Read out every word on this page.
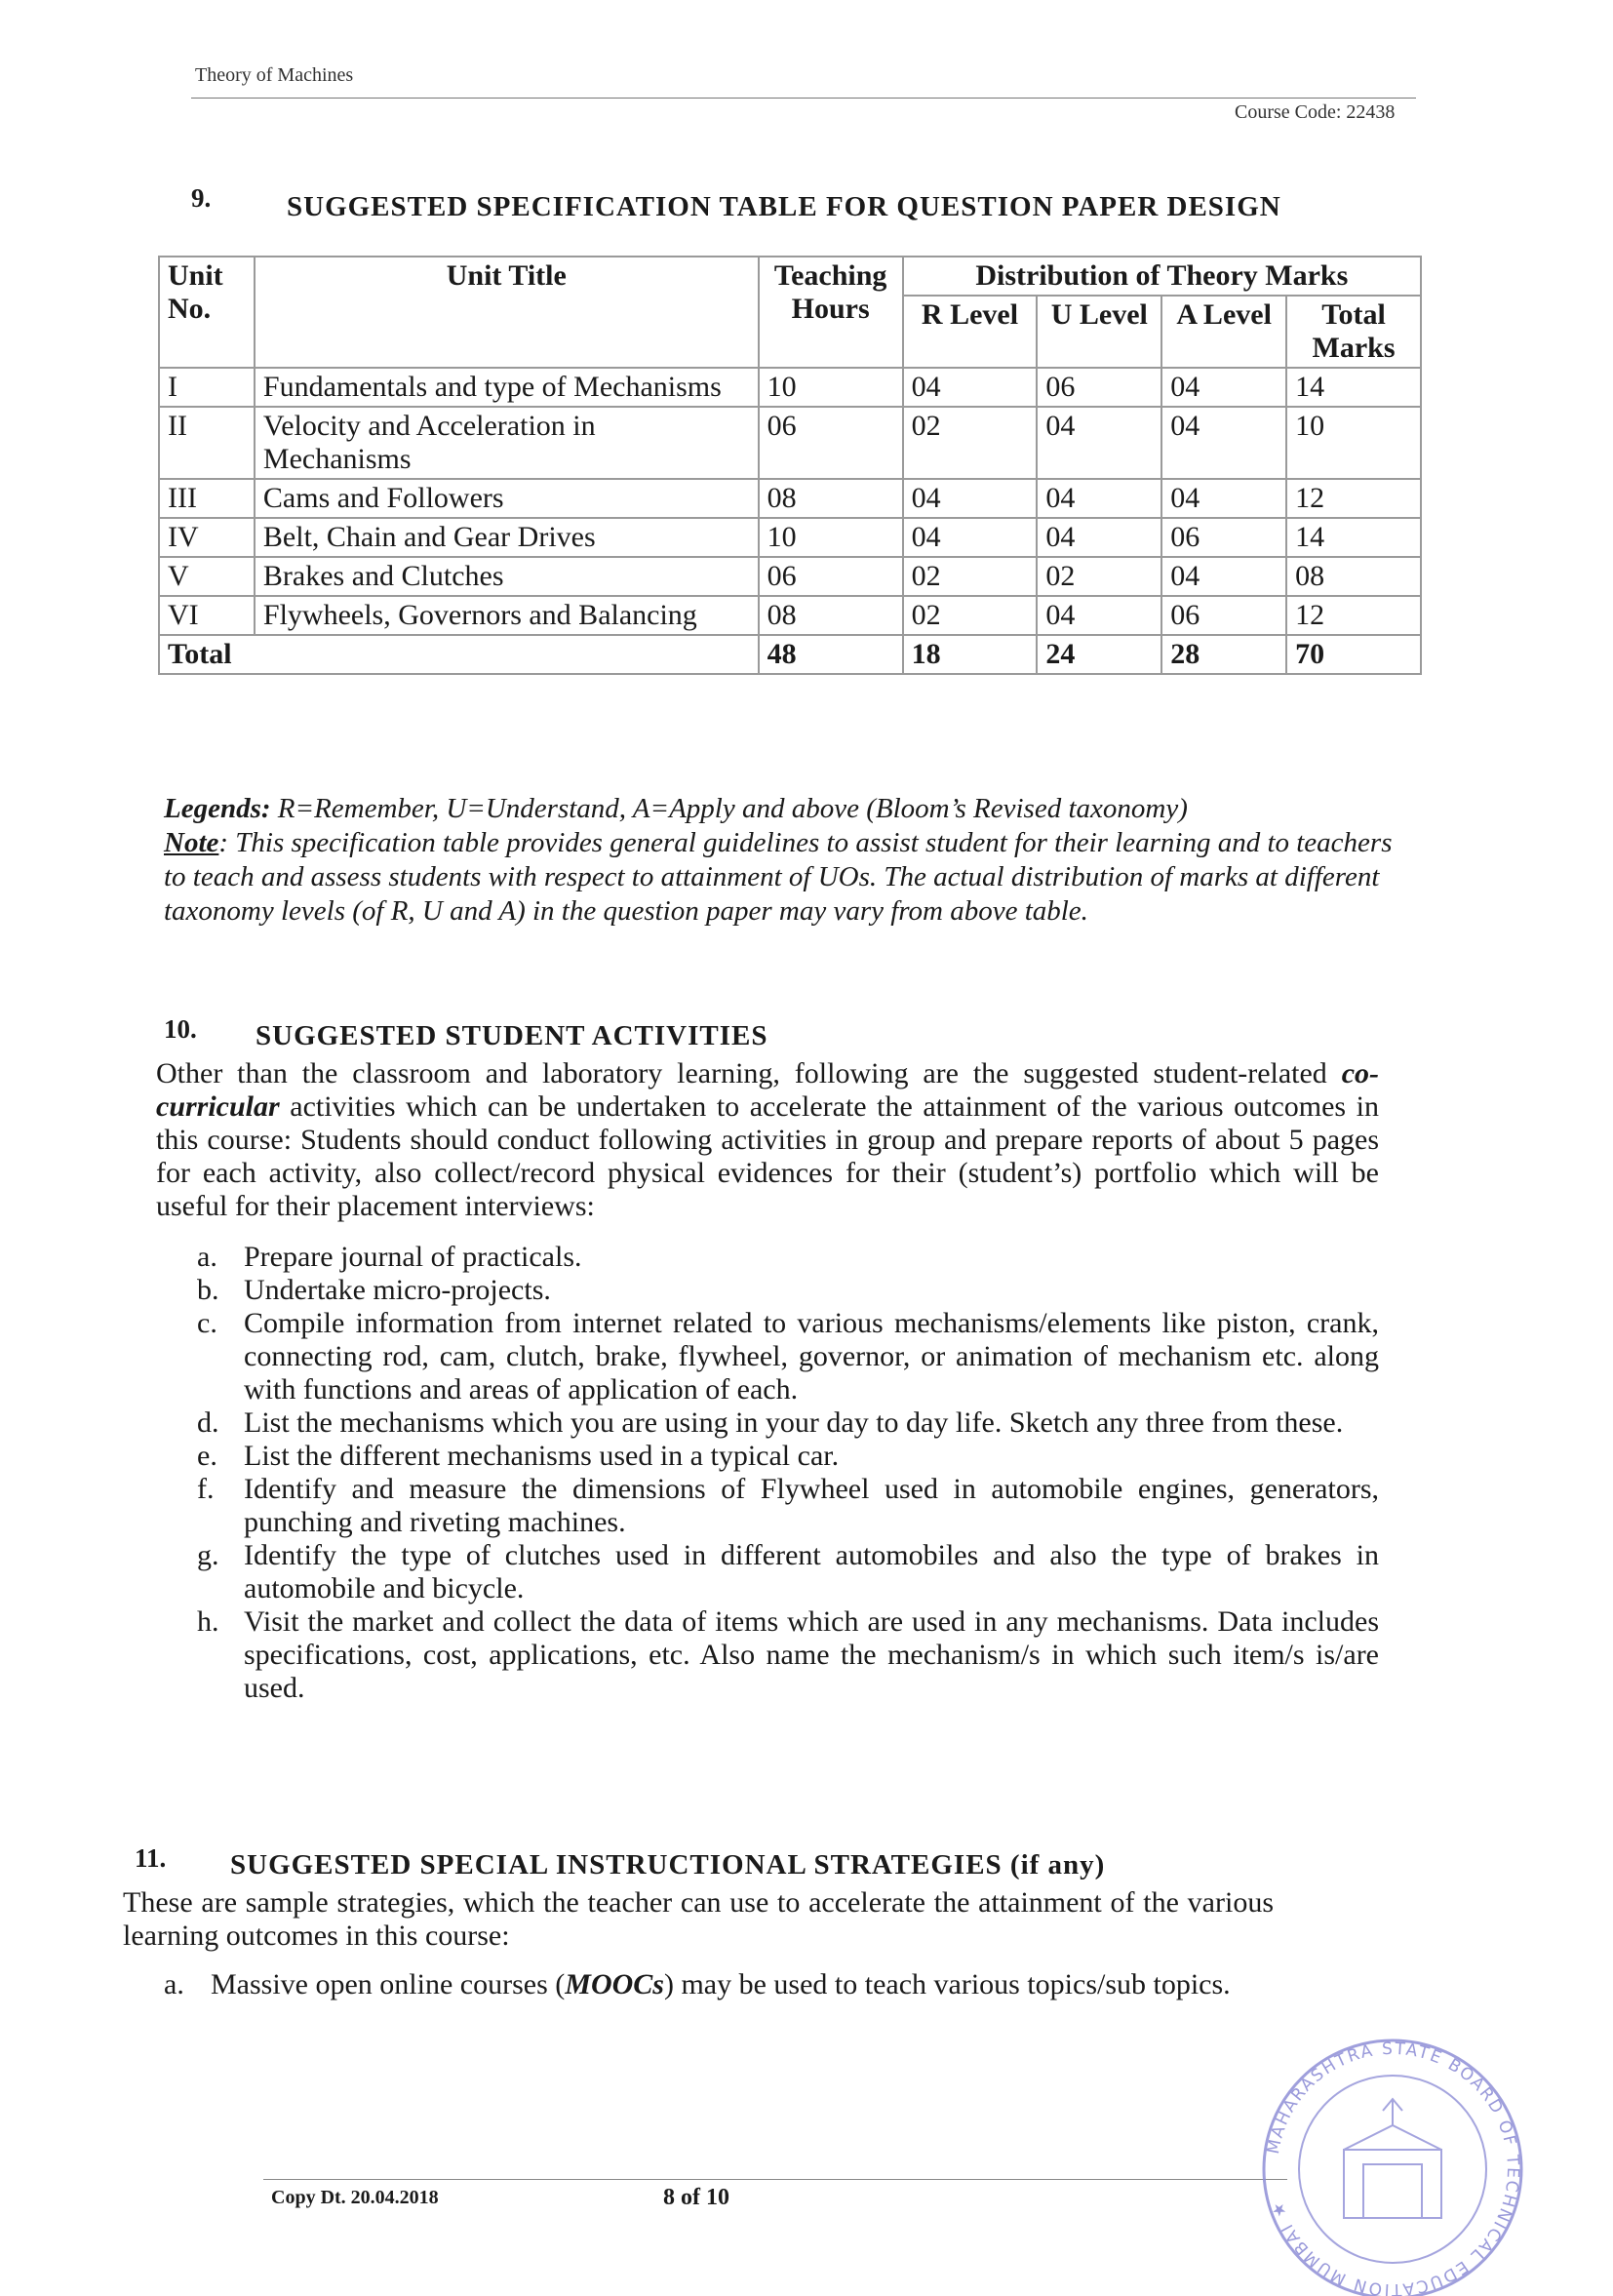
Theory of Machines
Course Code: 22438
9.	SUGGESTED SPECIFICATION TABLE FOR QUESTION PAPER DESIGN
Unit No.	Unit Title	Teaching Hours	Distribution of Theory Marks			
			R Level	U Level	A Level	Total Marks
I	Fundamentals and type of Mechanisms	10	04	06	04	14
II	Velocity and Acceleration in Mechanisms	06	02	04	04	10
III	Cams and Followers	08	04	04	04	12
IV	Belt, Chain and Gear Drives	10	04	04	06	14
V	Brakes and Clutches	06	02	02	04	08
VI	Flywheels, Governors and Balancing	08	02	04	06	12
Total		48	18	24	28	70
Legends: R=Remember, U=Understand, A=Apply and above (Bloom’s Revised taxonomy)
Note: This specification table provides general guidelines to assist student for their learning and to teachers to teach and assess students with respect to attainment of UOs. The actual distribution of marks at different taxonomy levels (of R, U and A) in the question paper may vary from above table.
10. SUGGESTED STUDENT ACTIVITIES
Other than the classroom and laboratory learning, following are the suggested student-related co-curricular activities which can be undertaken to accelerate the attainment of the various outcomes in this course: Students should conduct following activities in group and prepare reports of about 5 pages for each activity, also collect/record physical evidences for their (student’s) portfolio which will be useful for their placement interviews:
a. Prepare journal of practicals.
b. Undertake micro-projects.
c. Compile information from internet related to various mechanisms/elements like piston, crank, connecting rod, cam, clutch, brake, flywheel, governor, or animation of mechanism etc. along with functions and areas of application of each.
d. List the mechanisms which you are using in your day to day life. Sketch any three from these.
e. List the different mechanisms used in a typical car.
f. Identify and measure the dimensions of Flywheel used in automobile engines, generators, punching and riveting machines.
g. Identify the type of clutches used in different automobiles and also the type of brakes in automobile and bicycle.
h. Visit the market and collect the data of items which are used in any mechanisms. Data includes specifications, cost, applications, etc. Also name the mechanism/s in which such item/s is/are used.
11. SUGGESTED SPECIAL INSTRUCTIONAL STRATEGIES (if any)
These are sample strategies, which the teacher can use to accelerate the attainment of the various learning outcomes in this course:
a. Massive open online courses (MOOCs) may be used to teach various topics/sub topics.
Copy Dt. 20.04.2018	8 of 10
MAHARASHTRA STATE BOARD OF TECHNICAL EDUCATION MUMBAI ★
